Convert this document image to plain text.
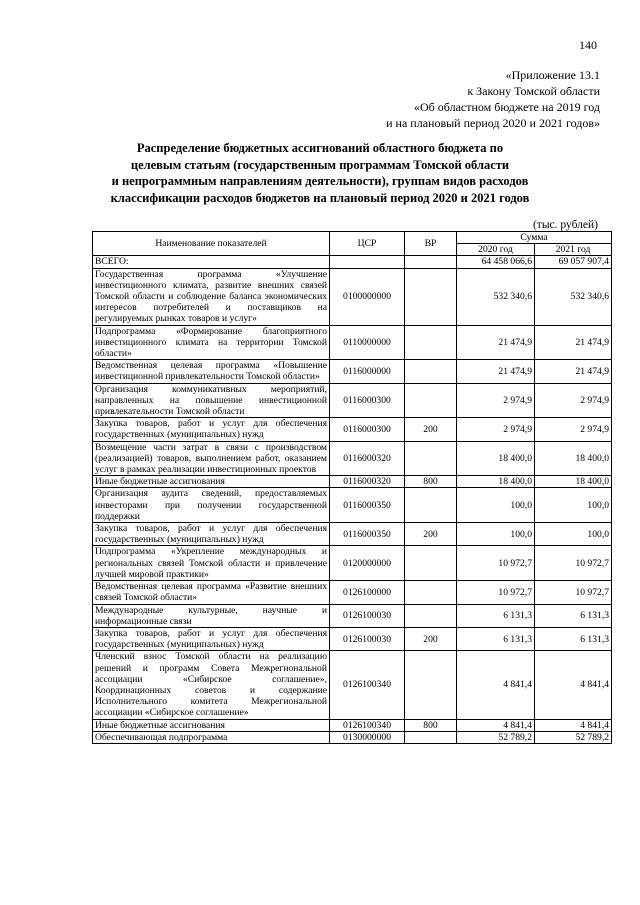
140
«Приложение 13.1
к Закону Томской области
«Об областном бюджете на 2019 год
и на плановый период 2020 и 2021 годов»
Распределение бюджетных ассигнований областного бюджета по
целевым статьям (государственным программам Томской области
и непрограммным направлениям деятельности), группам видов расходов
классификации расходов бюджетов на плановый период 2020 и 2021 годов
(тыс. рублей)
Наименование показателей	ЦСР	ВР	Сумма	
			2020 год	2021 год
ВСЕГО:			64 458 066,6	69 057 907,4
Государственная программа «Улучшение инвестиционного климата, развитие внешних связей Томской области и соблюдение баланса экономических интересов потребителей и поставщиков на регулируемых рынках товаров и услуг»	0100000000		532 340,6	532 340,6
Подпрограмма «Формирование благоприятного инвестиционного климата на территории Томской области»	0110000000		21 474,9	21 474,9
Ведомственная целевая программа «Повышение инвестиционной привлекательности Томской области»	0116000000		21 474,9	21 474,9
Организация коммуникативных мероприятий, направленных на повышение инвестиционной привлекательности Томской области	0116000300		2 974,9	2 974,9
Закупка товаров, работ и услуг для обеспечения государственных (муниципальных) нужд	0116000300	200	2 974,9	2 974,9
Возмещение части затрат в связи с производством (реализацией) товаров, выполнением работ, оказанием услуг в рамках реализации инвестиционных проектов	0116000320		18 400,0	18 400,0
Иные бюджетные ассигнования	0116000320	800	18 400,0	18 400,0
Организация аудита сведений, предоставляемых инвесторами при получении государственной поддержки	0116000350		100,0	100,0
Закупка товаров, работ и услуг для обеспечения государственных (муниципальных) нужд	0116000350	200	100,0	100,0
Подпрограмма «Укрепление международных и региональных связей Томской области и привлечение лучшей мировой практики»	0120000000		10 972,7	10 972,7
Ведомственная целевая программа «Развитие внешних связей Томской области»	0126100000		10 972,7	10 972,7
Международные культурные, научные и информационные связи	0126100030		6 131,3	6 131,3
Закупка товаров, работ и услуг для обеспечения государственных (муниципальных) нужд	0126100030	200	6 131,3	6 131,3
Членский взнос Томской области на реализацию решений и программ Совета Межрегиональной ассоциации «Сибирское соглашение», Координационных советов и содержание Исполнительного комитета Межрегиональной ассоциации «Сибирское соглашение»	0126100340		4 841,4	4 841,4
Иные бюджетные ассигнования	0126100340	800	4 841,4	4 841,4
Обеспечивающая подпрограмма	0130000000		52 789,2	52 789,2
